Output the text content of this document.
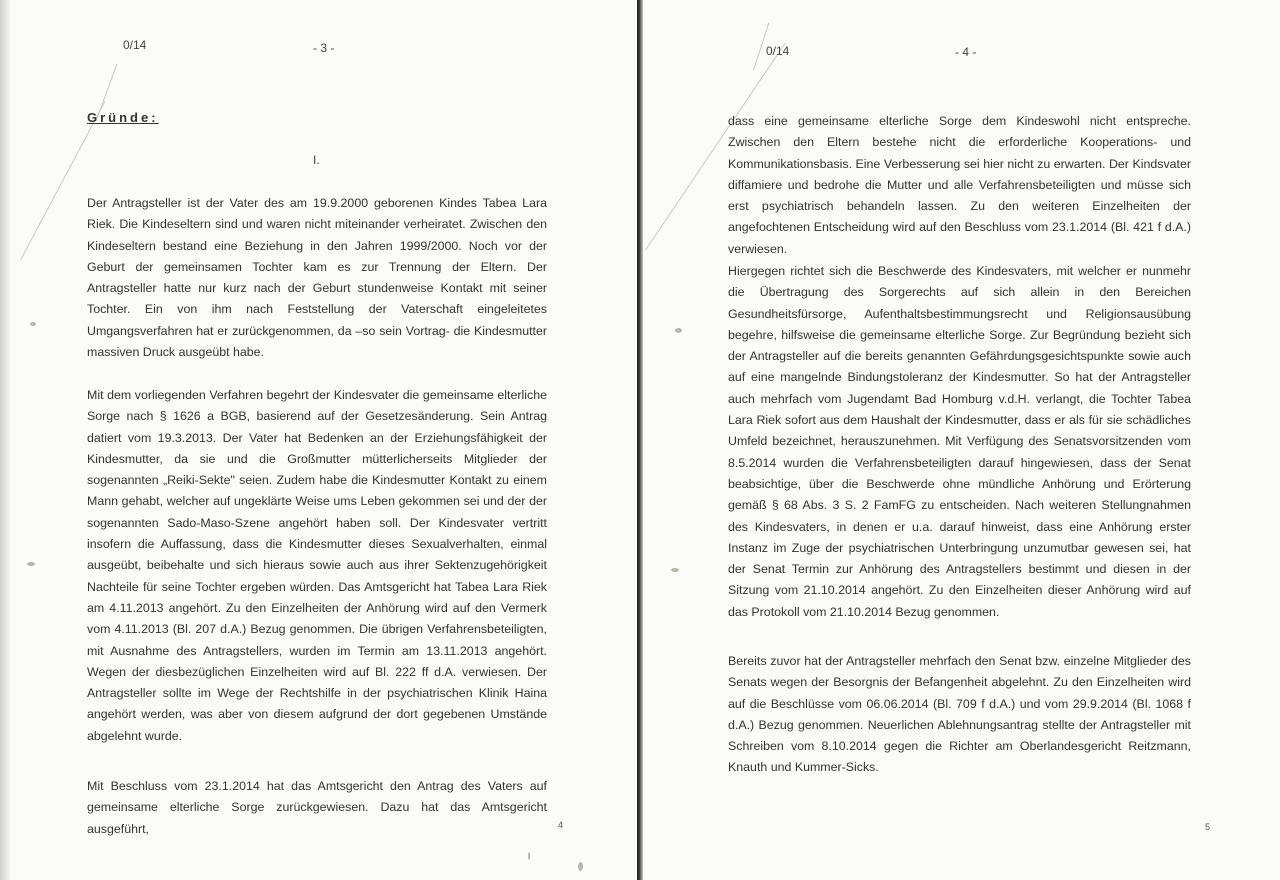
0/14	- 3 -
Gründe:
I.

Der Antragsteller ist der Vater des am 19.9.2000 geborenen Kindes Tabea Lara Riek. Die Kindeseltern sind und waren nicht miteinander verheiratet. Zwischen den Kindeseltern bestand eine Beziehung in den Jahren 1999/2000. Noch vor der Geburt der gemeinsamen Tochter kam es zur Trennung der Eltern. Der Antragsteller hatte nur kurz nach der Geburt stundenweise Kontakt mit seiner Tochter. Ein von ihm nach Feststellung der Vaterschaft eingeleitetes Umgangsverfahren hat er zurückgenommen, da –so sein Vortrag- die Kindesmutter massiven Druck ausgeübt habe.

Mit dem vorliegenden Verfahren begehrt der Kindesvater die gemeinsame elterliche Sorge nach § 1626 a BGB, basierend auf der Gesetzesänderung. Sein Antrag datiert vom 19.3.2013. Der Vater hat Bedenken an der Erziehungsfähigkeit der Kindesmutter, da sie und die Großmutter mütterlicherseits Mitglieder der sogenannten „Reiki-Sekte" seien. Zudem habe die Kindesmutter Kontakt zu einem Mann gehabt, welcher auf ungeklärte Weise ums Leben gekommen sei und der der sogenannten Sado-Maso-Szene angehört haben soll. Der Kindesvater vertritt insofern die Auffassung, dass die Kindesmutter dieses Sexualverhalten, einmal ausgeübt, beibehalte und sich hieraus sowie auch aus ihrer Sektenzugehörigkeit Nachteile für seine Tochter ergeben würden. Das Amtsgericht hat Tabea Lara Riek am 4.11.2013 angehört. Zu den Einzelheiten der Anhörung wird auf den Vermerk vom 4.11.2013 (Bl. 207 d.A.) Bezug genommen. Die übrigen Verfahrensbeteiligten, mit Ausnahme des Antragstellers, wurden im Termin am 13.11.2013 angehört. Wegen der diesbezüglichen Einzelheiten wird auf Bl. 222 ff d.A. verwiesen. Der Antragsteller sollte im Wege der Rechtshilfe in der psychiatrischen Klinik Haina angehört werden, was aber von diesem aufgrund der dort gegebenen Umstände abgelehnt wurde.

Mit Beschluss vom 23.1.2014 hat das Amtsgericht den Antrag des Vaters auf gemeinsame elterliche Sorge zurückgewiesen. Dazu hat das Amtsgericht ausgeführt,	4
0/14	- 4 -

dass eine gemeinsame elterliche Sorge dem Kindeswohl nicht entspreche. Zwischen den Eltern bestehe nicht die erforderliche Kooperations- und Kommunikationsbasis. Eine Verbesserung sei hier nicht zu erwarten. Der Kindsvater diffamiere und bedrohe die Mutter und alle Verfahrensbeteiligten und müsse sich erst psychiatrisch behandeln lassen. Zu den weiteren Einzelheiten der angefochtenen Entscheidung wird auf den Beschluss vom 23.1.2014 (Bl. 421 f d.A.) verwiesen.

Hiergegen richtet sich die Beschwerde des Kindesvaters, mit welcher er nunmehr die Übertragung des Sorgerechts auf sich allein in den Bereichen Gesundheitsfürsorge, Aufenthaltsbestimmungsrecht und Religionsausübung begehre, hilfsweise die gemeinsame elterliche Sorge. Zur Begründung bezieht sich der Antragsteller auf die bereits genannten Gefährdungsgesichtspunkte sowie auch auf eine mangelnde Bindungstoleranz der Kindesmutter. So hat der Antragsteller auch mehrfach vom Jugendamt Bad Homburg v.d.H. verlangt, die Tochter Tabea Lara Riek sofort aus dem Haushalt der Kindesmutter, dass er als für sie schädliches Umfeld bezeichnet, herauszunehmen. Mit Verfügung des Senatsvorsitzenden vom 8.5.2014 wurden die Verfahrensbeteiligten darauf hingewiesen, dass der Senat beabsichtige, über die Beschwerde ohne mündliche Anhörung und Erörterung gemäß § 68 Abs. 3 S. 2 FamFG zu entscheiden. Nach weiteren Stellungnahmen des Kindesvaters, in denen er u.a. darauf hinweist, dass eine Anhörung erster Instanz im Zuge der psychiatrischen Unterbringung unzumutbar gewesen sei, hat der Senat Termin zur Anhörung des Antragstellers bestimmt und diesen in der Sitzung vom 21.10.2014 angehört. Zu den Einzelheiten dieser Anhörung wird auf das Protokoll vom 21.10.2014 Bezug genommen.

Bereits zuvor hat der Antragsteller mehrfach den Senat bzw. einzelne Mitglieder des Senats wegen der Besorgnis der Befangenheit abgelehnt. Zu den Einzelheiten wird auf die Beschlüsse vom 06.06.2014 (Bl. 709 f d.A.) und vom 29.9.2014 (Bl. 1068 f d.A.) Bezug genommen. Neuerlichen Ablehnungsantrag stellte der Antragsteller mit Schreiben vom 8.10.2014 gegen die Richter am Oberlandesgericht Reitzmann, Knauth und Kummer-Sicks.

5
